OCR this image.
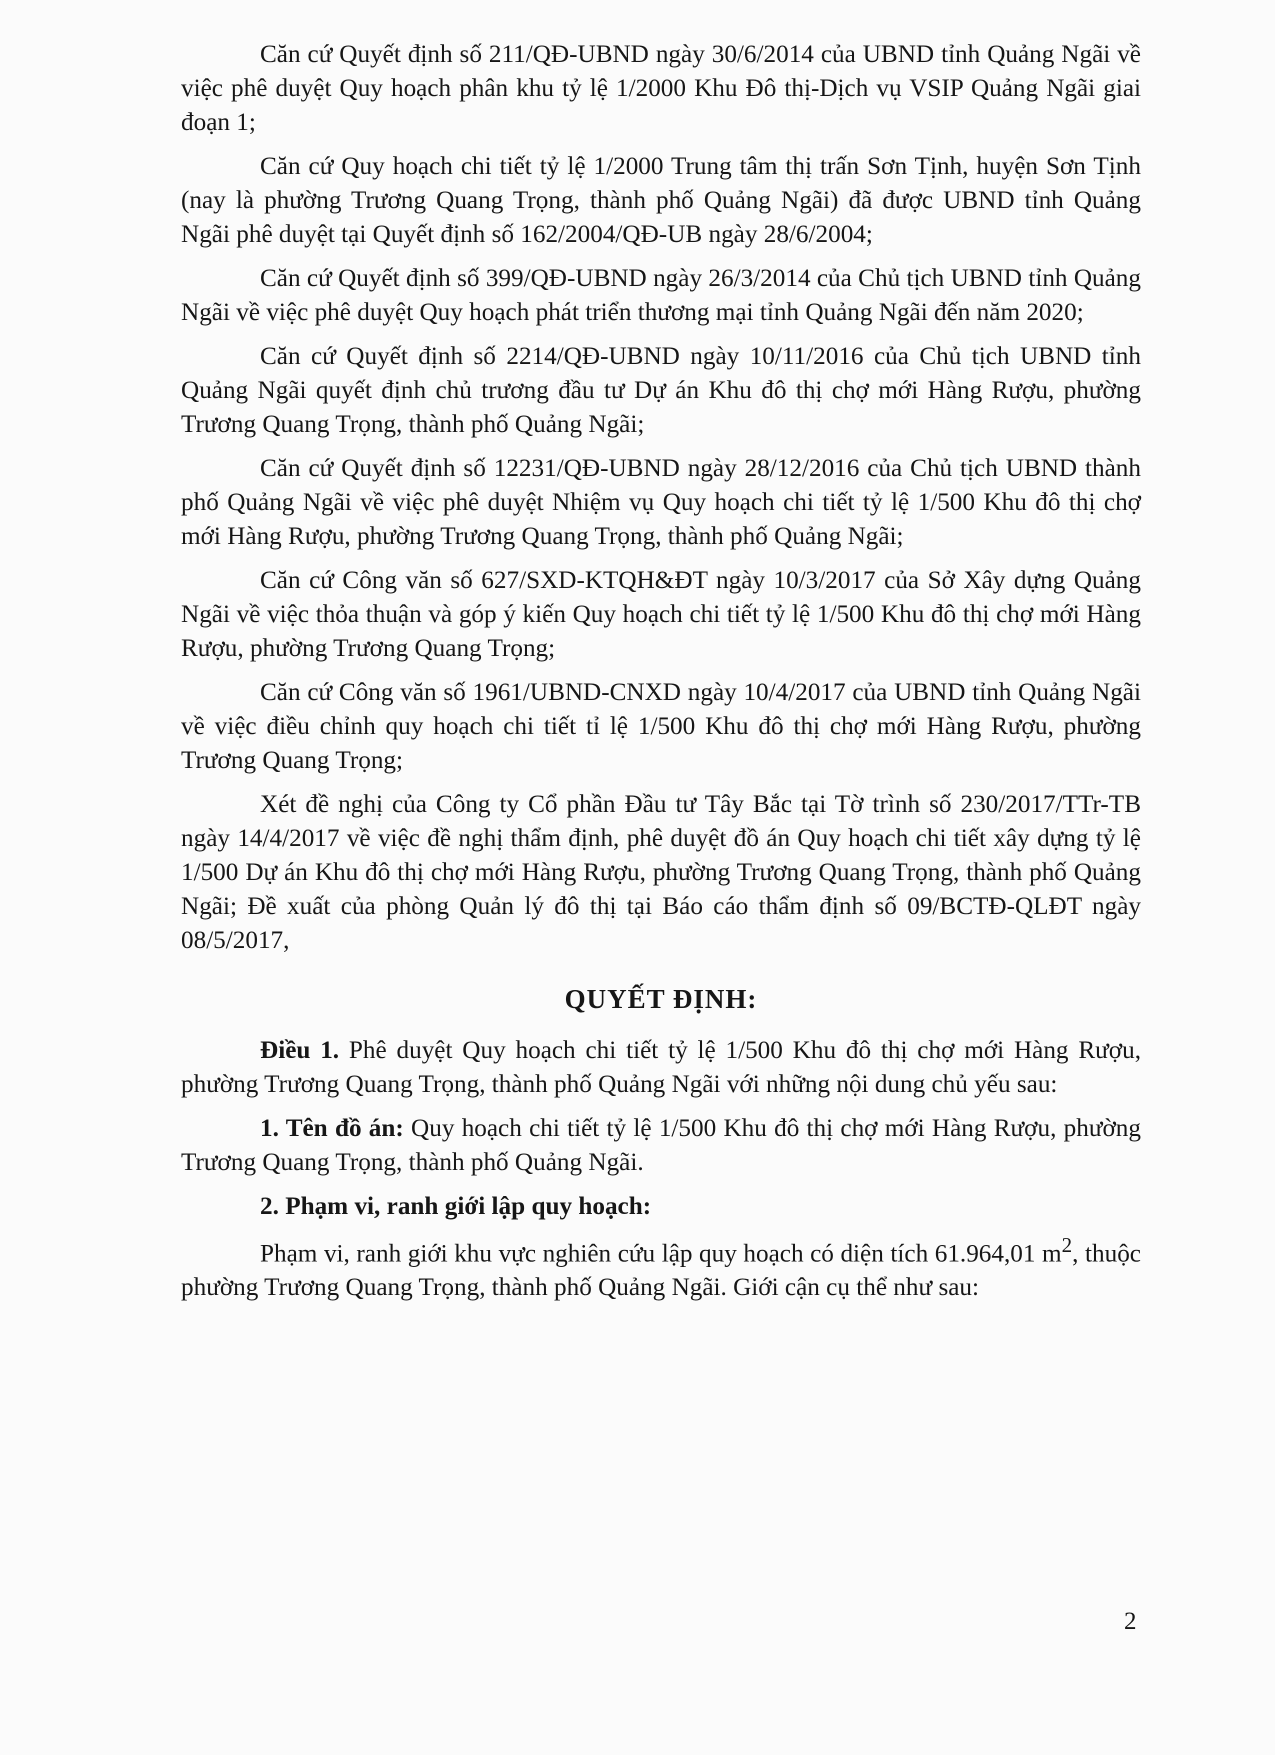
Căn cứ Quyết định số 211/QĐ-UBND ngày 30/6/2014 của UBND tỉnh Quảng Ngãi về việc phê duyệt Quy hoạch phân khu tỷ lệ 1/2000 Khu Đô thị-Dịch vụ VSIP Quảng Ngãi giai đoạn 1;

Căn cứ Quy hoạch chi tiết tỷ lệ 1/2000 Trung tâm thị trấn Sơn Tịnh, huyện Sơn Tịnh (nay là phường Trương Quang Trọng, thành phố Quảng Ngãi) đã được UBND tỉnh Quảng Ngãi phê duyệt tại Quyết định số 162/2004/QĐ-UB ngày 28/6/2004;

Căn cứ Quyết định số 399/QĐ-UBND ngày 26/3/2014 của Chủ tịch UBND tỉnh Quảng Ngãi về việc phê duyệt Quy hoạch phát triển thương mại tỉnh Quảng Ngãi đến năm 2020;

Căn cứ Quyết định số 2214/QĐ-UBND ngày 10/11/2016 của Chủ tịch UBND tỉnh Quảng Ngãi quyết định chủ trương đầu tư Dự án Khu đô thị chợ mới Hàng Rượu, phường Trương Quang Trọng, thành phố Quảng Ngãi;

Căn cứ Quyết định số 12231/QĐ-UBND ngày 28/12/2016 của Chủ tịch UBND thành phố Quảng Ngãi về việc phê duyệt Nhiệm vụ Quy hoạch chi tiết tỷ lệ 1/500 Khu đô thị chợ mới Hàng Rượu, phường Trương Quang Trọng, thành phố Quảng Ngãi;

Căn cứ Công văn số 627/SXD-KTQH&ĐT ngày 10/3/2017 của Sở Xây dựng Quảng Ngãi về việc thỏa thuận và góp ý kiến Quy hoạch chi tiết tỷ lệ 1/500 Khu đô thị chợ mới Hàng Rượu, phường Trương Quang Trọng;

Căn cứ Công văn số 1961/UBND-CNXD ngày 10/4/2017 của UBND tỉnh Quảng Ngãi về việc điều chỉnh quy hoạch chi tiết tỉ lệ 1/500 Khu đô thị chợ mới Hàng Rượu, phường Trương Quang Trọng;

Xét đề nghị của Công ty Cổ phần Đầu tư Tây Bắc tại Tờ trình số 230/2017/TTr-TB ngày 14/4/2017 về việc đề nghị thẩm định, phê duyệt đồ án Quy hoạch chi tiết xây dựng tỷ lệ 1/500 Dự án Khu đô thị chợ mới Hàng Rượu, phường Trương Quang Trọng, thành phố Quảng Ngãi; Đề xuất của phòng Quản lý đô thị tại Báo cáo thẩm định số 09/BCTĐ-QLĐT ngày 08/5/2017,

QUYẾT ĐỊNH:

Điều 1. Phê duyệt Quy hoạch chi tiết tỷ lệ 1/500 Khu đô thị chợ mới Hàng Rượu, phường Trương Quang Trọng, thành phố Quảng Ngãi với những nội dung chủ yếu sau:

1. Tên đồ án: Quy hoạch chi tiết tỷ lệ 1/500 Khu đô thị chợ mới Hàng Rượu, phường Trương Quang Trọng, thành phố Quảng Ngãi.

2. Phạm vi, ranh giới lập quy hoạch:

Phạm vi, ranh giới khu vực nghiên cứu lập quy hoạch có diện tích 61.964,01 $m^2$, thuộc phường Trương Quang Trọng, thành phố Quảng Ngãi. Giới cận cụ thể như sau:

2
